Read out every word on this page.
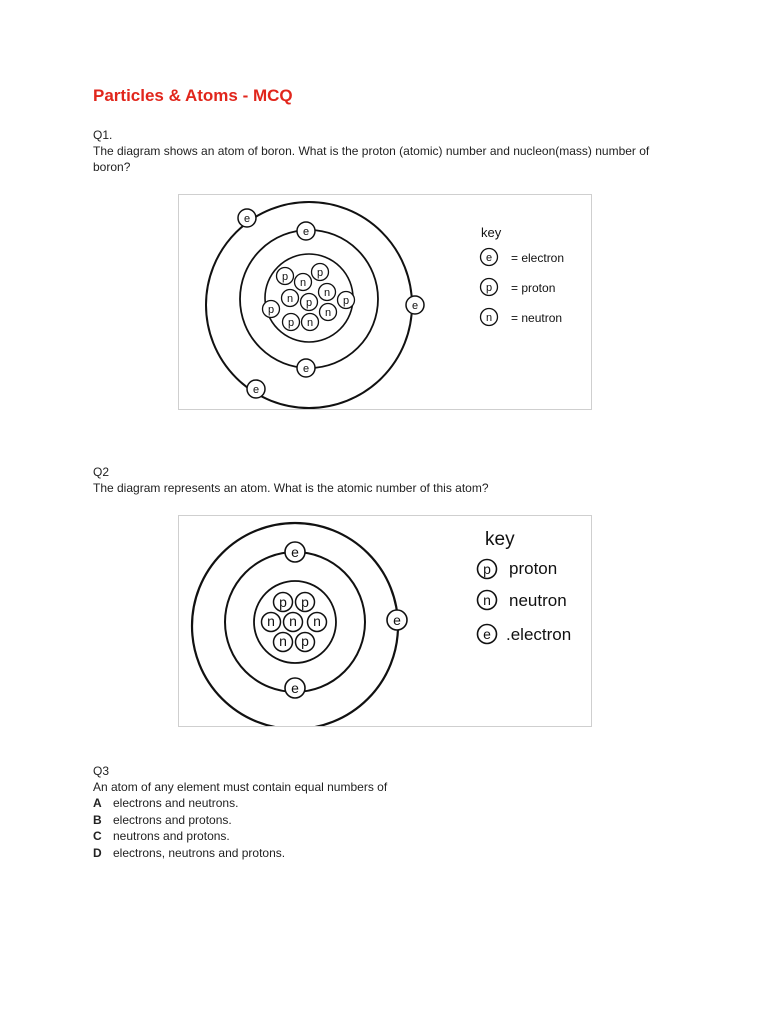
Particles & Atoms - MCQ

Q1.

The diagram shows an atom of boron. What is the proton (atomic) number and nucleon(mass) number of boron?

e
e
e
e
e
p n
p
n
p
n p	p
n
p n
key
e = electron
p = proton
n = neutron

Q2

The diagram represents an atom. What is the atomic number of this atom?

e
e
e
p p
n n n
n p
key
p proton
n neutron
e .electron

Q3

An atom of any element must contain equal numbers of

A electrons and neutrons.
B electrons and protons.
C neutrons and protons.
D electrons, neutrons and protons.
